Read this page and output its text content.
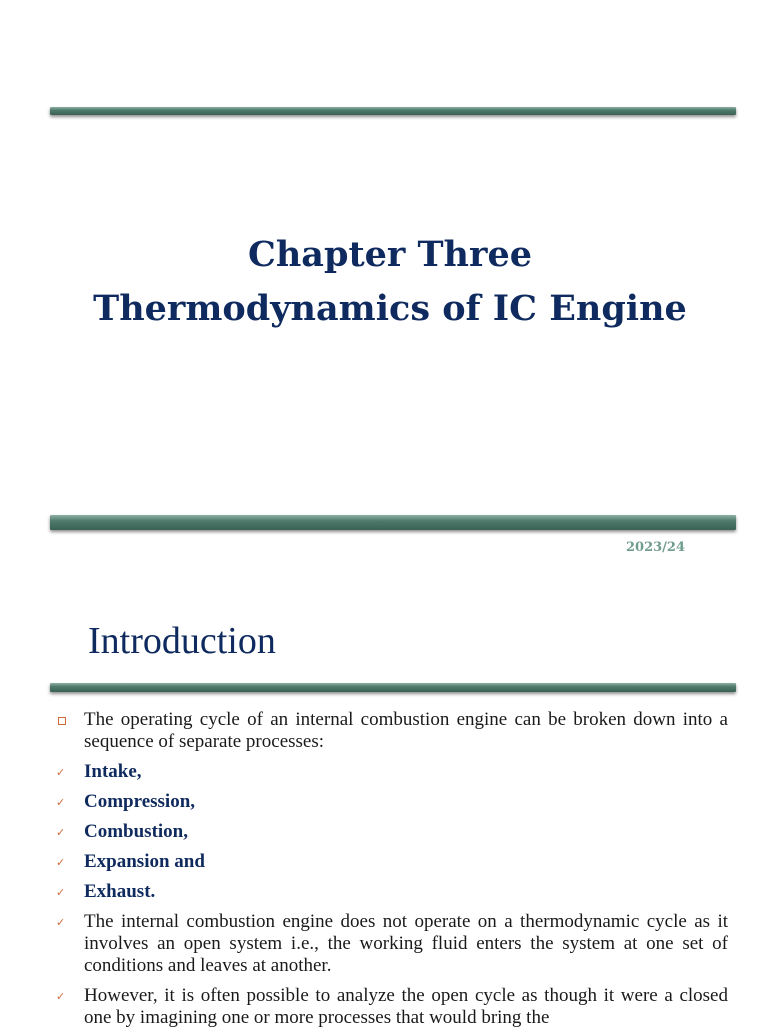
Chapter Three
Thermodynamics of IC Engine
2023/24
Introduction
The operating cycle of an internal combustion engine can be broken down into a sequence of separate processes:
✓ Intake,
✓ Compression,
✓ Combustion,
✓ Expansion and
✓ Exhaust.
✓ The internal combustion engine does not operate on a thermodynamic cycle as it involves an open system i.e., the working fluid enters the system at one set of conditions and leaves at another.
✓ However, it is often possible to analyze the open cycle as though it were a closed one by imagining one or more processes that would bring the
